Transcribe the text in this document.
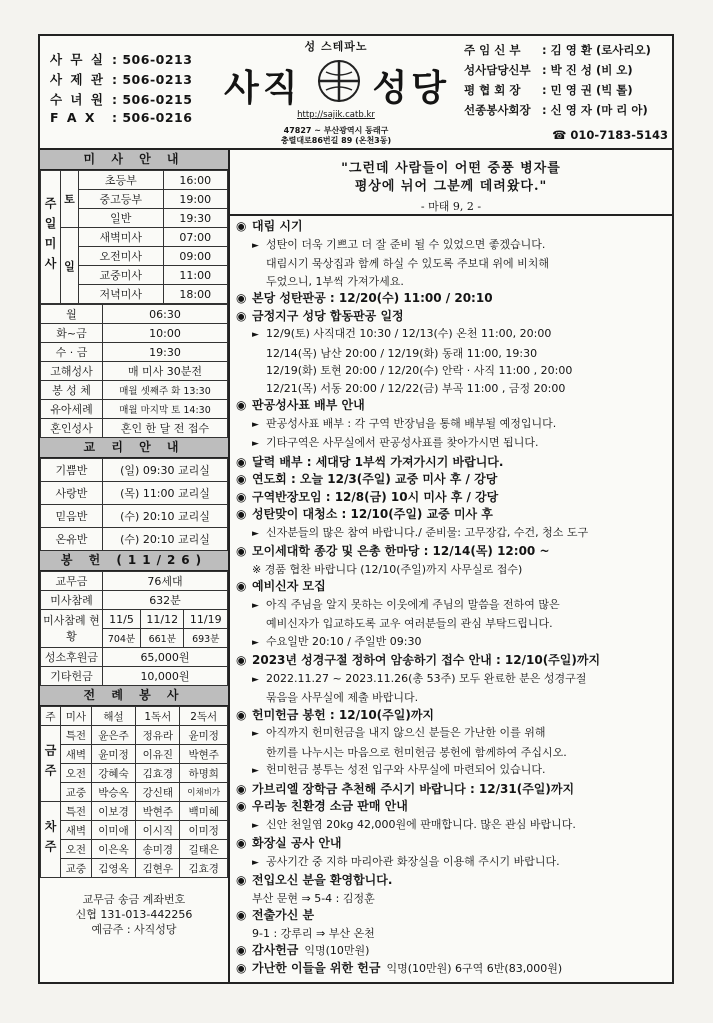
사 무 실 : 506-0213
사 제 관 : 506-0213
수 녀 원 : 506-0215
F A X : 506-0216
성 스테파노
사직 성당
http://sajik.catb.kr
47827 ~ 부산광역시 동래구
충렬대로86번길 89 (온천3동)
주 임 신 부 : 김 영 환 (로사리오)
성사담당신부 : 박 진 성 (비 오)
평 협 회 장 : 민 영 권 (빅 톨)
선종봉사회장 : 신 영 자 (마 리 아)
☎ 010-7183-5143
미 사 안 내
주일미사	토	초등부	16:00
		중고등부	19:00
		일반	19:30
	일	새벽미사	07:00
		오전미사	09:00
		교중미사	11:00
		저녁미사	18:00
월	06:30
화~금	10:00
수 · 금	19:30
고해성사	매 미사 30분전
봉 성 체	매월 셋째주 화 13:30
유아세례	매월 마지막 토 14:30
혼인성사	혼인 한 달 전 접수
교 리 안 내
기쁨반	(일) 09:30 교리실
사랑반	(목) 11:00 교리실
믿음반	(수) 20:10 교리실
온유반	(수) 20:10 교리실
봉 헌 (11/26)
교무금	76세대		
미사참례	632분		
미사참례 현황	11/5	11/12	11/19
	704분	661분	693분
성소후원금	65,000원		
기타헌금	10,000원		
전 례 봉 사
주	미사	해설	1독서	2독서
금주	특전	윤은주	정유라	윤미정
	새벽	윤미정	이유진	박현주
	오전	강혜숙	김효경	하명희
	교중	박승옥	강신태	이채비가
차주	특전	이보경	박현주	백미혜
	새벽	이미애	이시직	이미정
	오전	이은옥	송미경	길태은
	교중	김영옥	김현우	김효경
교무금 송금 계좌번호
신협 131-013-442256
예금주 : 사직성당
"그런데 사람들이 어떤 중풍 병자를
평상에 뉘어 그분께 데려왔다."
- 마태 9, 2 -
◉ 대림 시기
► 성탄이 더욱 기쁘고 더 잘 준비 될 수 있었으면 좋겠습니다.
대림시기 묵상집과 함께 하실 수 있도록 주보대 위에 비치해
두었으니, 1부씩 가져가세요.
◉ 본당 성탄판공 : 12/20(수) 11:00 / 20:10
◉ 금정지구 성당 합동판공 일정
► 12/9(토) 사직대건 10:30 / 12/13(수) 온천 11:00, 20:00
12/14(목) 남산 20:00 / 12/19(화) 동래 11:00, 19:30
12/19(화) 토현 20:00 / 12/20(수) 안락 · 사직 11:00 , 20:00
12/21(목) 서동 20:00 / 12/22(금) 부곡 11:00 , 금정 20:00
◉ 판공성사표 배부 안내
► 판공성사표 배부 : 각 구역 반장님을 통해 배부될 예정입니다.
► 기타구역은 사무실에서 판공성사표를 찾아가시면 됩니다.
◉ 달력 배부 : 세대당 1부씩 가져가시기 바랍니다.
◉ 연도회 : 오늘 12/3(주일) 교중 미사 후 / 강당
◉ 구역반장모임 : 12/8(금) 10시 미사 후 / 강당
◉ 성탄맞이 대청소 : 12/10(주일) 교중 미사 후
► 신자분들의 많은 참여 바랍니다./ 준비물: 고무장갑, 수건, 청소 도구
◉ 모이세대학 종강 및 은총 한마당 : 12/14(목) 12:00 ~
※ 경품 협찬 바랍니다 (12/10(주일)까지 사무실로 접수)
◉ 예비신자 모집
► 아직 주님을 알지 못하는 이웃에게 주님의 말씀을 전하여 많은
예비신자가 입교하도록 교우 여러분들의 관심 부탁드립니다.
► 수요일반 20:10 / 주일반 09:30
◉ 2023년 성경구절 정하여 암송하기 접수 안내 : 12/10(주일)까지
► 2022.11.27 ~ 2023.11.26(총 53주) 모두 완료한 분은 성경구절
묶음을 사무실에 제출 바랍니다.
◉ 헌미헌금 봉헌 : 12/10(주일)까지
► 아직까지 헌미헌금을 내지 않으신 분들은 가난한 이를 위해
한끼를 나누시는 마음으로 헌미헌금 봉헌에 함께하여 주십시오.
► 헌미헌금 봉투는 성전 입구와 사무실에 마련되어 있습니다.
◉ 가브리엘 장학금 추천해 주시기 바랍니다 : 12/31(주일)까지
◉ 우리농 친환경 소금 판매 안내
► 신안 천일염 20kg 42,000원에 판매합니다. 많은 관심 바랍니다.
◉ 화장실 공사 안내
► 공사기간 중 지하 마리아관 화장실을 이용해 주시기 바랍니다.
◉ 전입오신 분을 환영합니다.
부산 문현 ⇒ 5-4 : 김정훈
◉ 전출가신 분
9-1 : 강루리 ⇒ 부산 온천
◉ 감사헌금 익명(10만원)
◉ 가난한 이들을 위한 헌금 익명(10만원) 6구역 6반(83,000원)
